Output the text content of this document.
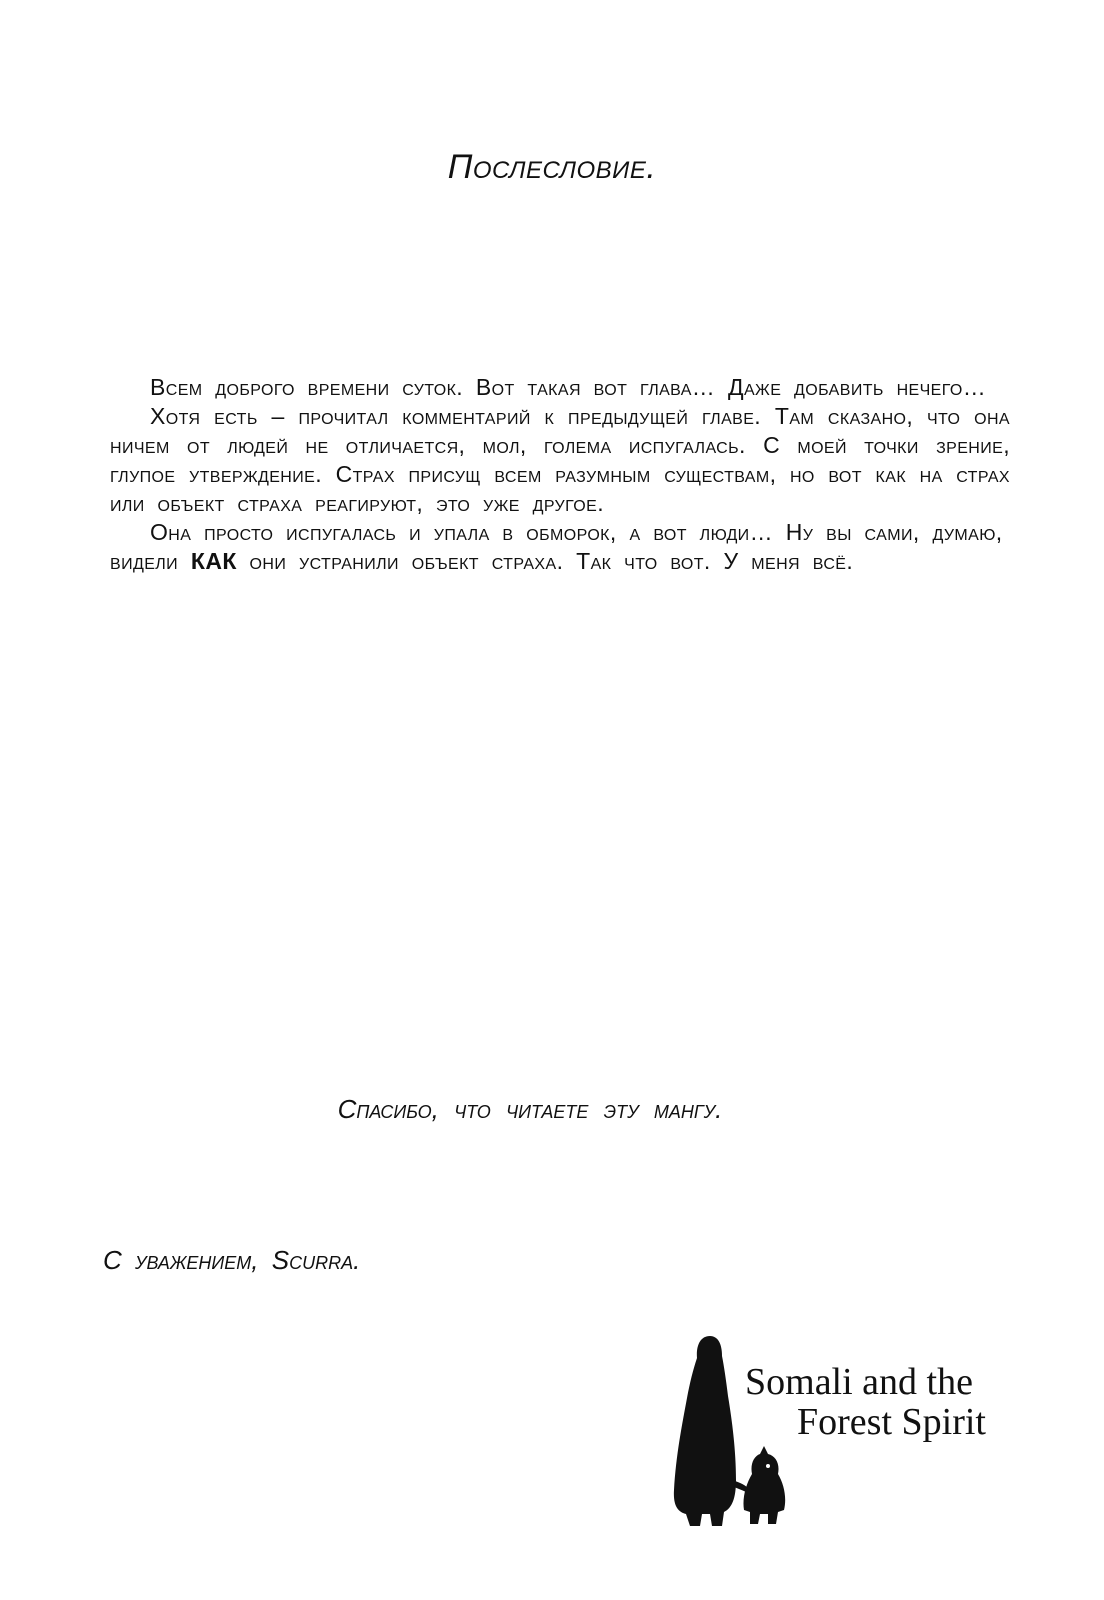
Послесловие.

Всем доброго времени суток. Вот такая вот глава… Даже добавить нечего…

Хотя есть – прочитал комментарий к предыдущей главе. Там сказано, что она ничем от людей не отличается, мол, голема испугалась. С моей точки зрение, глупое утверждение. Страх присущ всем разумным существам, но вот как на страх или объект страха реагируют, это уже другое.

Она просто испугалась и упала в обморок, а вот люди… Ну вы сами, думаю, видели КАК они устранили объект страха. Так что вот. У меня всё.

Спасибо, что читаете эту мангу.
С уважением, Scurra.
Somali and the
Forest Spirit
